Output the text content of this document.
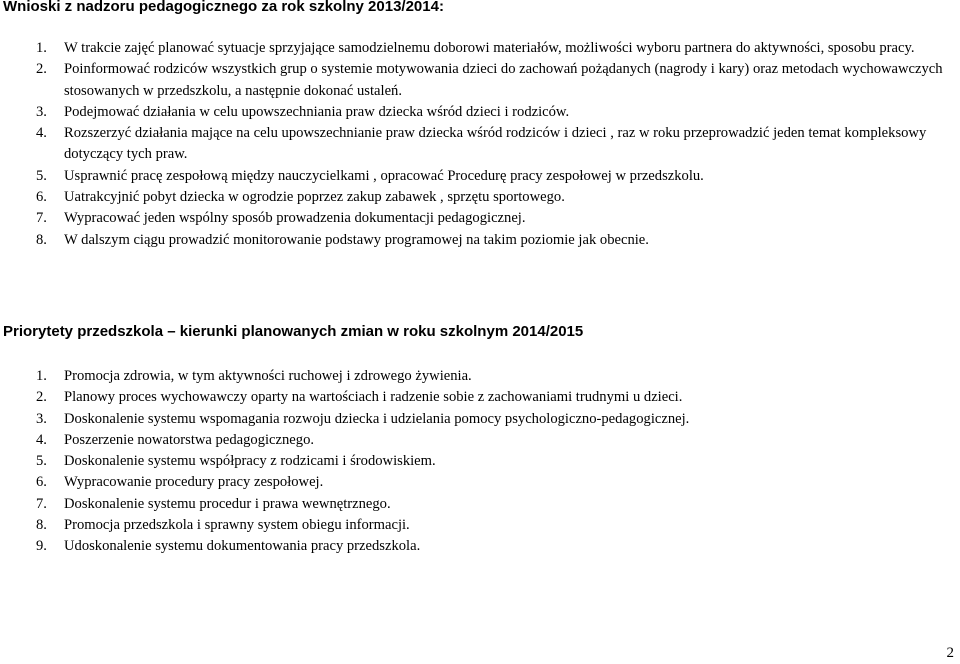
Wnioski z nadzoru pedagogicznego za rok szkolny 2013/2014:
1. W trakcie zajęć planować sytuacje sprzyjające samodzielnemu doborowi materiałów, możliwości wyboru partnera do aktywności, sposobu pracy.
2. Poinformować rodziców wszystkich grup o systemie motywowania dzieci do zachowań pożądanych (nagrody i kary) oraz metodach wychowawczych stosowanych w przedszkolu, a następnie dokonać ustaleń.
3. Podejmować działania w celu upowszechniania praw dziecka wśród dzieci i rodziców.
4. Rozszerzyć działania mające na celu upowszechnianie praw dziecka wśród rodziców i dzieci , raz w roku przeprowadzić jeden temat kompleksowy dotyczący tych praw.
5. Usprawnić pracę zespołową między nauczycielkami , opracować Procedurę pracy zespołowej w przedszkolu.
6. Uatrakcyjnić pobyt dziecka w ogrodzie poprzez zakup zabawek , sprzętu sportowego.
7. Wypracować jeden wspólny sposób prowadzenia dokumentacji pedagogicznej.
8. W dalszym ciągu prowadzić monitorowanie podstawy programowej na takim poziomie jak obecnie.
Priorytety przedszkola – kierunki planowanych zmian w roku szkolnym 2014/2015
1. Promocja zdrowia, w tym aktywności ruchowej i zdrowego żywienia.
2. Planowy proces wychowawczy oparty na wartościach i radzenie sobie z zachowaniami trudnymi u dzieci.
3. Doskonalenie systemu wspomagania rozwoju dziecka i udzielania pomocy psychologiczno-pedagogicznej.
4. Poszerzenie nowatorstwa pedagogicznego.
5. Doskonalenie systemu współpracy z rodzicami i środowiskiem.
6. Wypracowanie procedury pracy zespołowej.
7. Doskonalenie systemu procedur i prawa wewnętrznego.
8. Promocja przedszkola i sprawny system obiegu informacji.
9. Udoskonalenie systemu dokumentowania pracy przedszkola.
2
